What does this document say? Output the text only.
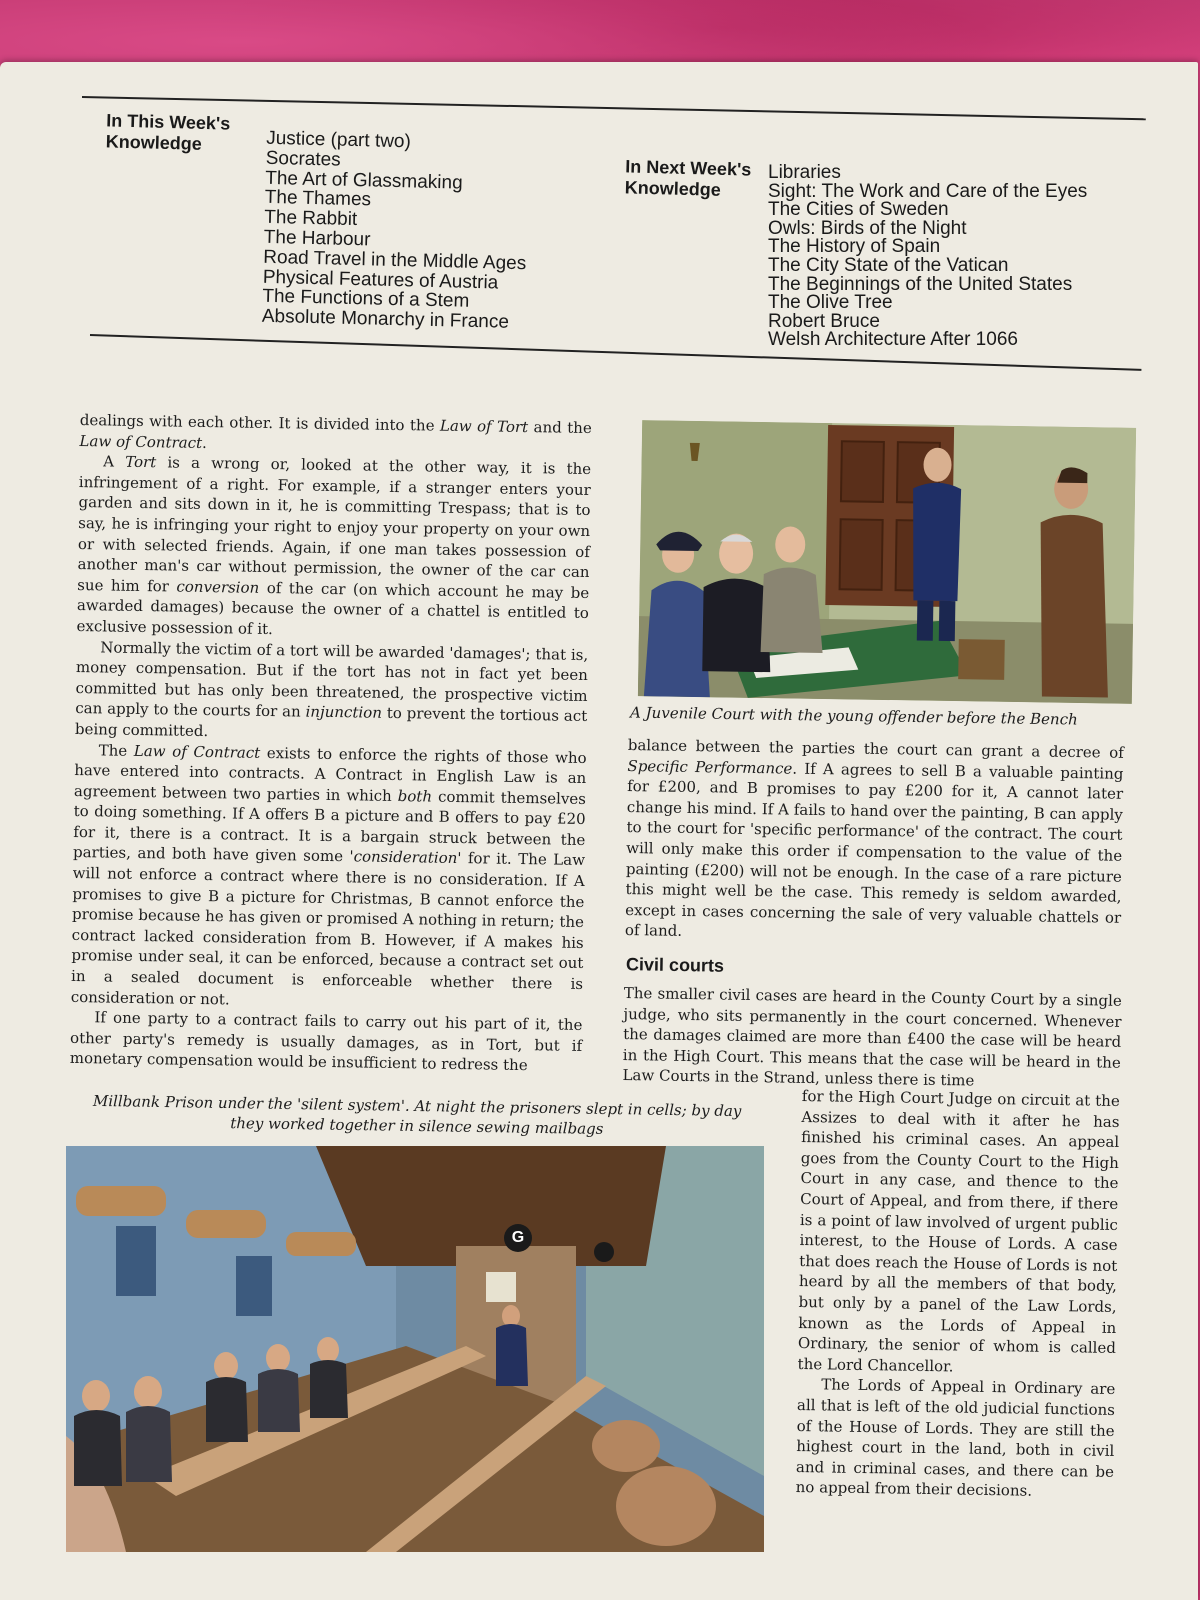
In This Week's
Knowledge	Justice (part two)
Socrates
The Art of Glassmaking
The Thames
The Rabbit
The Harbour
Road Travel in the Middle Ages
Physical Features of Austria
The Functions of a Stem
Absolute Monarchy in France
In Next Week's
Knowledge
Libraries
Sight: The Work and Care of the Eyes
The Cities of Sweden
Owls: Birds of the Night
The History of Spain
The City State of the Vatican
The Beginnings of the United States
The Olive Tree
Robert Bruce
Welsh Architecture After 1066

dealings with each other. It is divided into the Law of Tort and the Law of Contract.

A Tort is a wrong or, looked at the other way, it is the infringement of a right. For example, if a stranger enters your garden and sits down in it, he is committing Trespass; that is to say, he is infringing your right to enjoy your property on your own or with selected friends. Again, if one man takes possession of another man's car without permission, the owner of the car can sue him for conversion of the car (on which account he may be awarded damages) because the owner of a chattel is entitled to exclusive possession of it.

Normally the victim of a tort will be awarded 'damages'; that is, money compensation. But if the tort has not in fact yet been committed but has only been threatened, the prospective victim can apply to the courts for an injunction to prevent the tortious act being committed.

The Law of Contract exists to enforce the rights of those who have entered into contracts. A Contract in English Law is an agreement between two parties in which both commit themselves to doing something. If A offers B a picture and B offers to pay £20 for it, there is a contract. It is a bargain struck between the parties, and both have given some 'consideration' for it. The Law will not enforce a contract where there is no consideration. If A promises to give B a picture for Christmas, B cannot enforce the promise because he has given or promised A nothing in return; the contract lacked consideration from B. However, if A makes his promise under seal, it can be enforced, because a contract set out in a sealed document is enforceable whether there is consideration or not.

If one party to a contract fails to carry out his part of it, the other party's remedy is usually damages, as in Tort, but if monetary compensation would be insufficient to redress the

A Juvenile Court with the young offender before the Bench

balance between the parties the court can grant a decree of Specific Performance. If A agrees to sell B a valuable painting for £200, and B promises to pay £200 for it, A cannot later change his mind. If A fails to hand over the painting, B can apply to the court for 'specific performance' of the contract. The court will only make this order if compensation to the value of the painting (£200) will not be enough. In the case of a rare picture this might well be the case. This remedy is seldom awarded, except in cases concerning the sale of very valuable chattels or of land.

Civil courts

The smaller civil cases are heard in the County Court by a single judge, who sits permanently in the court concerned. Whenever the damages claimed are more than £400 the case will be heard in the High Court. This means that the case will be heard in the Law Courts in the Strand, unless there is time

for the High Court Judge on circuit at the Assizes to deal with it after he has finished his criminal cases. An appeal goes from the County Court to the High Court in any case, and thence to the Court of Appeal, and from there, if there is a point of law involved of urgent public interest, to the House of Lords. A case that does reach the House of Lords is not heard by all the members of that body, but only by a panel of the Law Lords, known as the Lords of Appeal in Ordinary, the senior of whom is called the Lord Chancellor.

The Lords of Appeal in Ordinary are all that is left of the old judicial functions of the House of Lords. They are still the highest court in the land, both in civil and in criminal cases, and there can be no appeal from their decisions.

Millbank Prison under the 'silent system'. At night the prisoners slept in cells; by day
they worked together in silence sewing mailbags
G
